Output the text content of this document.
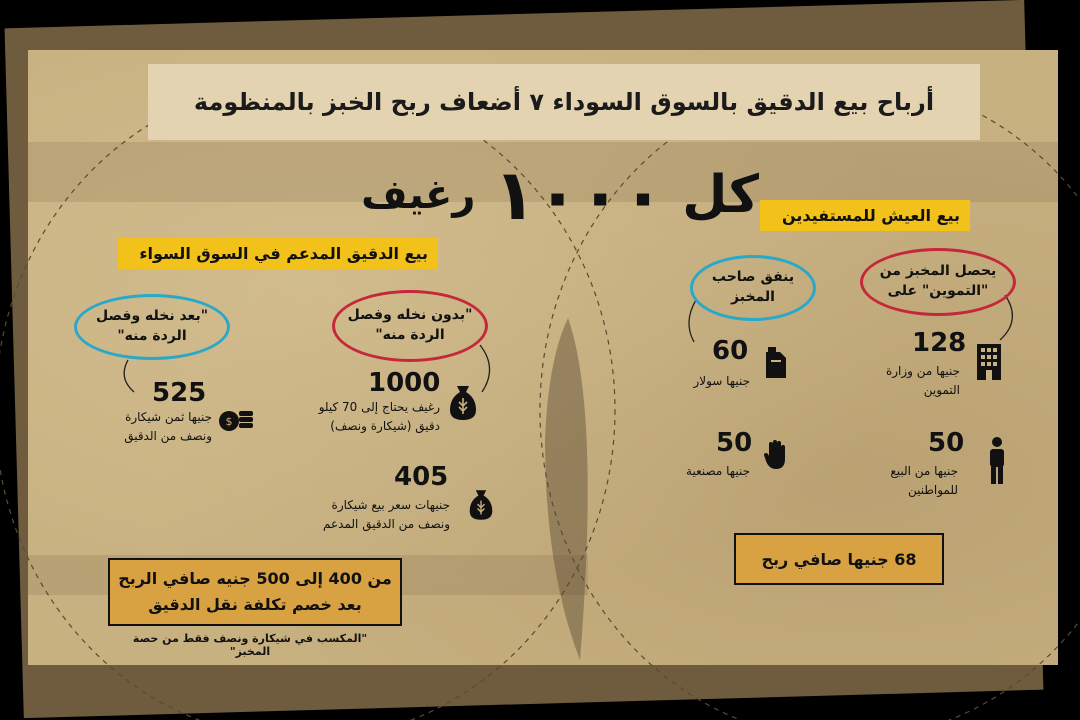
أرباح بيع الدقيق بالسوق السوداء ٧ أضعاف ربح الخبز بالمنظومة
كل
١٠٠٠
رغيف	بيع العيش للمستفيدين
يحصل المخبز من "التموين" على
ينفق صاحب المخبز
128
جنيها من وزارة التموين
60
جنيها سولار
50
جنيها من البيع للمواطنين
50
جنيها مصنعية
68 جنيها صافي ربح
بيع الدقيق المدعم في السوق السواء
"بدون نخله وفصل الردة منه"
"بعد نخله وفصل الردة منه"
1000
رغيف يحتاج إلى 70 كيلو دقيق (شيكارة ونصف)
525
جنيها ثمن شيكارة ونصف من الدقيق
$
405
جنيهات سعر بيع شيكارة ونصف من الدقيق المدعم
من 400 إلى 500 جنيه صافي الربح
بعد خصم تكلفة نقل الدقيق
"المكسب في شيكارة ونصف فقط من حصة المخبز"
